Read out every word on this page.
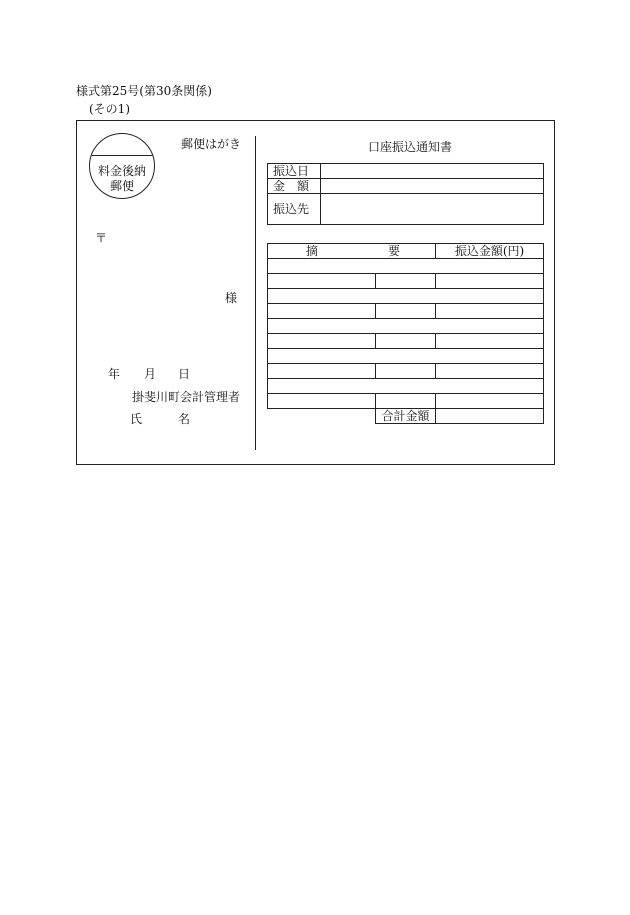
様式第25号(第30条関係)
(その1)
料金後納
郵便
郵便はがき
〒
様
年 月 日
掛斐川町会計管理者
氏	名
口座振込通知書
振込日	
金　額	
振込先	
摘 要		振込金額(円)

	合計金額	
